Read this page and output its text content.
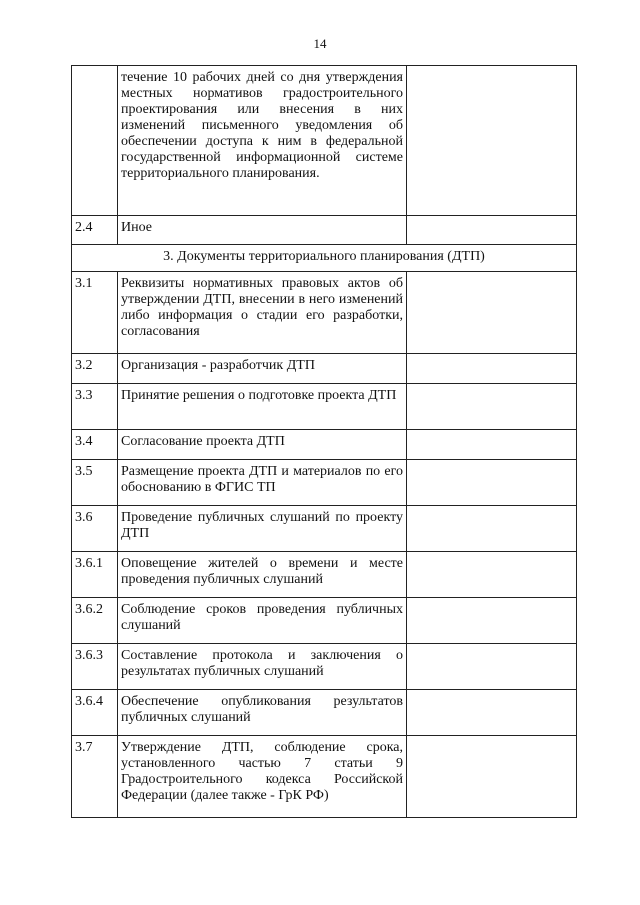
14
	течение 10 рабочих дней со дня утверждения местных нормативов градостроительного проектирования или внесения в них изменений письменного уведомления об обеспечении доступа к ним в федеральной государственной информационной системе территориального планирования.	
2.4	Иное	
3. Документы территориального планирования (ДТП)		
3.1	Реквизиты нормативных правовых актов об утверждении ДТП, внесении в него изменений либо информация о стадии его разработки, согласования	
3.2	Организация - разработчик ДТП	
3.3	Принятие решения о подготовке проекта ДТП	
3.4	Согласование проекта ДТП	
3.5	Размещение проекта ДТП и материалов по его обоснованию в ФГИС ТП	
3.6	Проведение публичных слушаний по проекту ДТП	
3.6.1	Оповещение жителей о времени и месте проведения публичных слушаний	
3.6.2	Соблюдение сроков проведения публичных слушаний	
3.6.3	Составление протокола и заключения о результатах публичных слушаний	
3.6.4	Обеспечение опубликования результатов публичных слушаний	
3.7	Утверждение ДТП, соблюдение срока, установленного частью 7 статьи 9 Градостроительного кодекса Российской Федерации (далее также - ГрК РФ)	
